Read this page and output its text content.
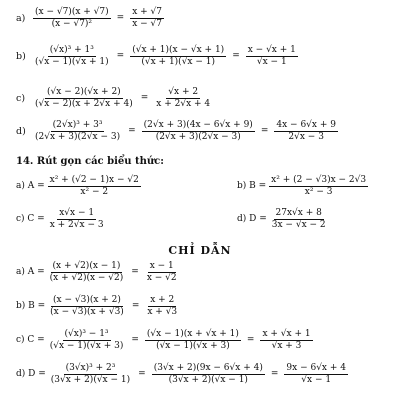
$a) \frac{(x - √7)(x + √7)}{\text{(x − √7)²}} = \frac{x + √7}{x - √7}$
$b) \frac{\text{(√x)³ + 1³}}{(√x - 1)(√x + 1)} = \frac{(√x + 1)(x - √x + 1)}{(√x + 1)(√x - 1)} = \frac{x - √x + 1}{√x - 1}$
$c) \frac{(√x - 2)(√x + 2)}{(√x - 2)(x + 2√x + 4)} = \frac{√x + 2}{x + 2√x + 4}$
$d) \frac{\text{(2√x)³ + 3³}}{(2√x + 3)(2√x - 3)} = \frac{(2√x + 3)(4x - 6√x + 9)}{(2√x + 3)(2√x - 3)} = \frac{4x - 6√x + 9}{2√x - 3}$
14. Rút gọn các biểu thức:
a) $A = \frac{\text{x² + (√2 − 1)x − √2}}{\text{x² − 2}}$	b) $B = \frac{\text{x² + (2 − √3)x − 2√3}}{\text{x² − 3}}$
c) $C = \frac{x√x - 1}{x + 2√x - 3}$	d) $D = \frac{27x√x + 8}{3x - √x - 2}$
CHỈ DẪN
a) $A = \frac{(x + √2)(x - 1)}{(x + √2)(x - √2)} = \frac{x - 1}{x - √2}$
b) $B = \frac{(x - √3)(x + 2)}{(x - √3)(x + √3)} = \frac{x + 2}{x + √3}$
c) $C = \frac{\text{(√x)³ − 1³}}{(√x - 1)(√x + 3)} = \frac{(√x - 1)(x + √x + 1)}{(√x - 1)(√x + 3)} = \frac{x + √x + 1}{√x + 3}$
d) $D = \frac{\text{(3√x)³ + 2³}}{(3√x + 2)(√x - 1)} = \frac{(3√x + 2)(9x - 6√x + 4)}{(3√x + 2)(√x - 1)} = \frac{9x - 6√x + 4}{√x - 1}$
